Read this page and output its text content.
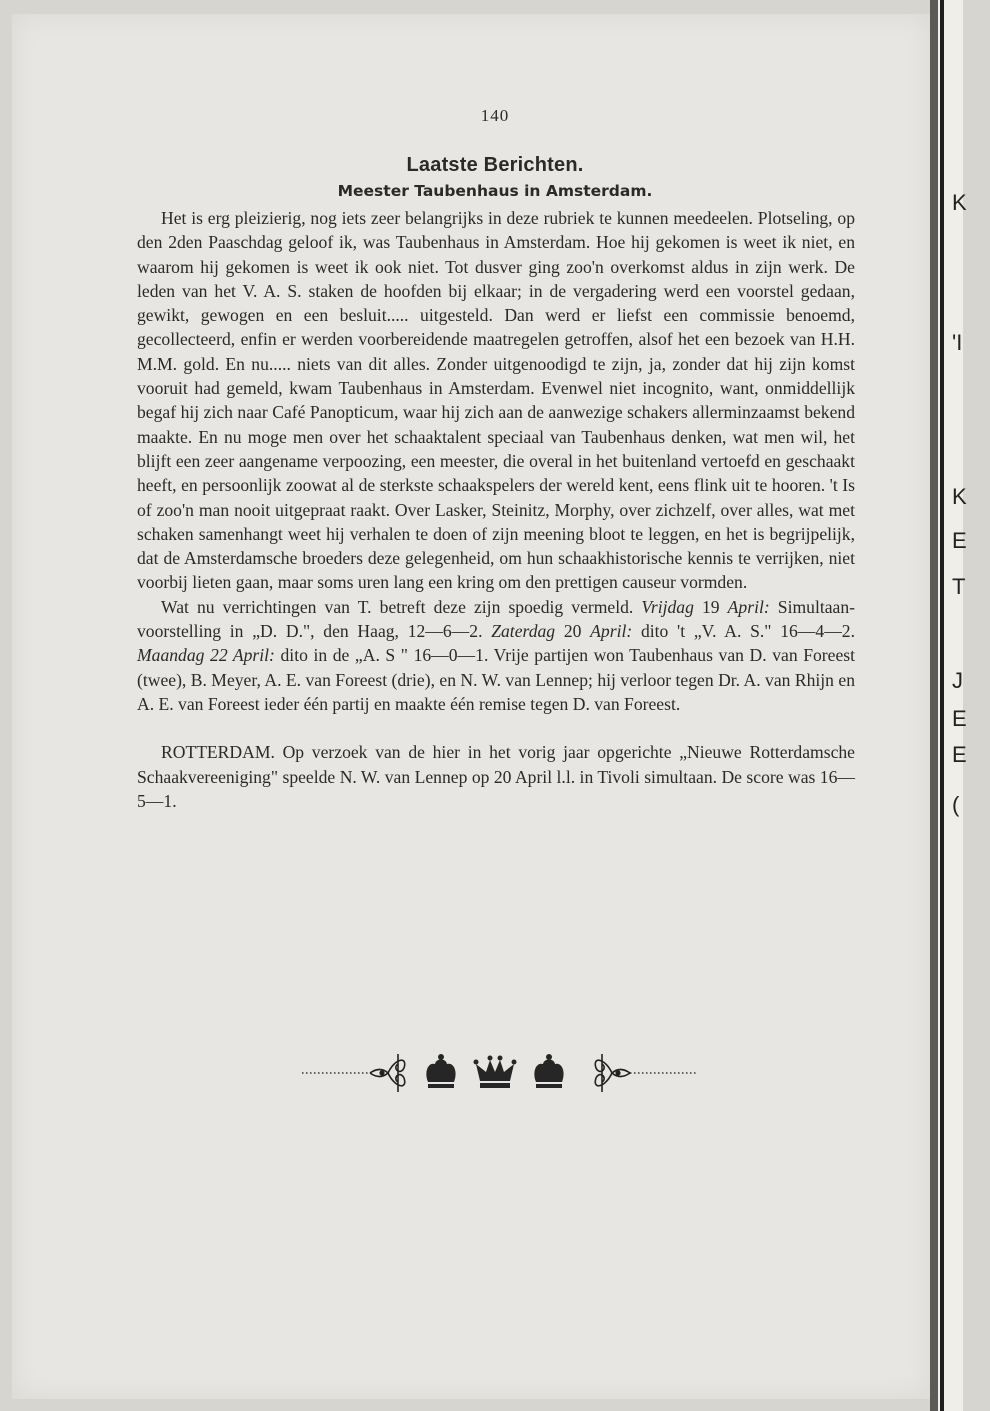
K
'I
K
E
T
J
E
E
(
140
Laatste Berichten.
Meester Taubenhaus in Amsterdam.

Het is erg pleizierig, nog iets zeer belangrijks in deze rubriek te kunnen meedeelen. Plotseling, op den 2den Paaschdag geloof ik, was Taubenhaus in Amsterdam. Hoe hij gekomen is weet ik niet, en waarom hij gekomen is weet ik ook niet. Tot dusver ging zoo'n overkomst aldus in zijn werk. De leden van het V. A. S. staken de hoofden bij elkaar; in de vergadering werd een voorstel gedaan, gewikt, gewogen en een besluit..... uitgesteld. Dan werd er liefst een commissie benoemd, gecollecteerd, enfin er werden voorbereidende maatregelen getroffen, alsof het een bezoek van H.H. M.M. gold. En nu..... niets van dit alles. Zonder uitgenoodigd te zijn, ja, zonder dat hij zijn komst vooruit had gemeld, kwam Taubenhaus in Amsterdam. Evenwel niet incognito, want, onmiddellijk begaf hij zich naar Café Panopticum, waar hij zich aan de aanwezige schakers allerminzaamst bekend maakte. En nu moge men over het schaaktalent speciaal van Taubenhaus denken, wat men wil, het blijft een zeer aangename verpoozing, een meester, die overal in het buitenland vertoefd en geschaakt heeft, en persoonlijk zoowat al de sterkste schaakspelers der wereld kent, eens flink uit te hooren. 't Is of zoo'n man nooit uitgepraat raakt. Over Lasker, Steinitz, Morphy, over zichzelf, over alles, wat met schaken samenhangt weet hij verhalen te doen of zijn meening bloot te leggen, en het is begrijpelijk, dat de Amsterdamsche broeders deze gelegenheid, om hun schaakhistorische kennis te verrijken, niet voorbij lieten gaan, maar soms uren lang een kring om den prettigen causeur vormden.

Wat nu verrichtingen van T. betreft deze zijn spoedig vermeld. Vrijdag 19 April: Simultaan-voorstelling in „D. D.", den Haag, 12—6—2. Zaterdag 20 April: dito 't „V. A. S." 16—4—2. Maandag 22 April: dito in de „A. S " 16—0—1. Vrije partijen won Taubenhaus van D. van Foreest (twee), B. Meyer, A. E. van Foreest (drie), en N. W. van Lennep; hij verloor tegen Dr. A. van Rhijn en A. E. van Foreest ieder één partij en maakte één remise tegen D. van Foreest.

ROTTERDAM. Op verzoek van de hier in het vorig jaar opgerichte „Nieuwe Rotterdamsche Schaakvereeniging" speelde N. W. van Lennep op 20 April l.l. in Tivoli simultaan. De score was 16—5—1.
